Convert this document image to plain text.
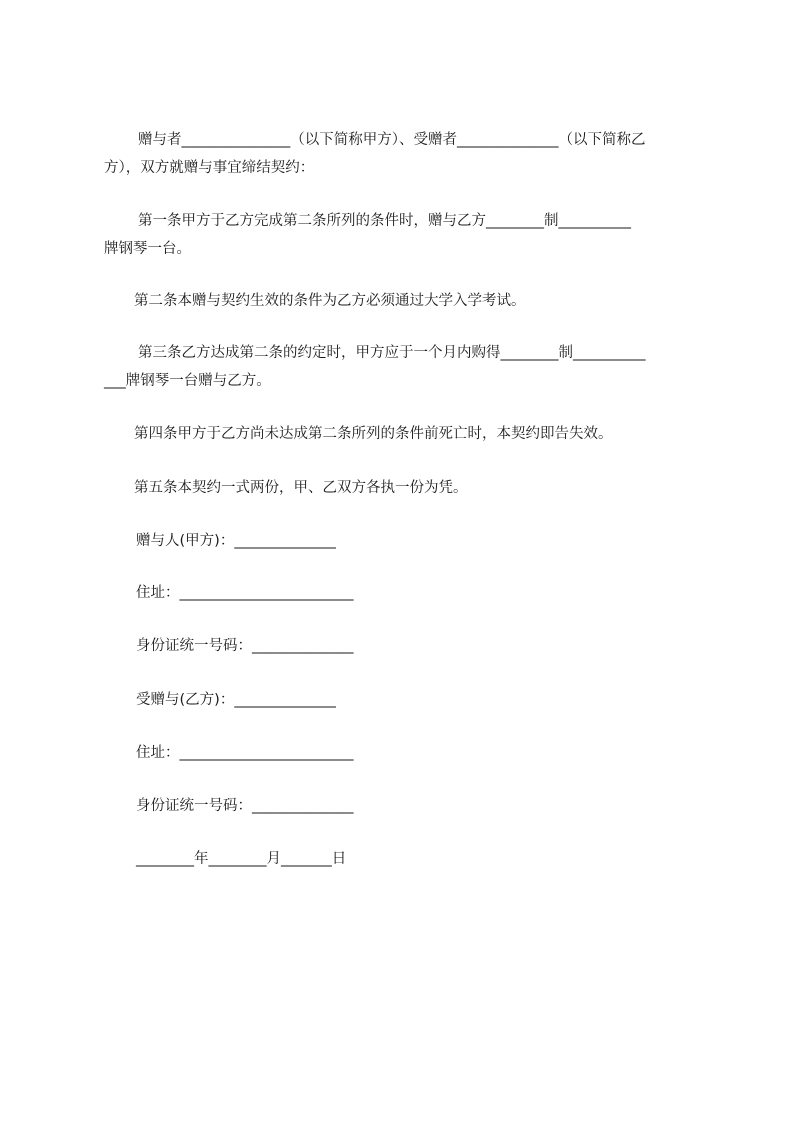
赠与者_______________（以下简称甲方）、受赠者______________（以下简称乙
方），双方就赠与事宜缔结契约：
第一条甲方于乙方完成第二条所列的条件时，赠与乙方________制__________
牌钢琴一台。
第二条本赠与契约生效的条件为乙方必须通过大学入学考试。
第三条乙方达成第二条的约定时，甲方应于一个月内购得________制__________
___牌钢琴一台赠与乙方。
第四条甲方于乙方尚未达成第二条所列的条件前死亡时，本契约即告失效。
第五条本契约一式两份，甲、乙双方各执一份为凭。
赠与人(甲方)：______________
住址：________________________
身份证统一号码：______________
受赠与(乙方)：______________
住址：________________________
身份证统一号码：______________
________年________月_______日
